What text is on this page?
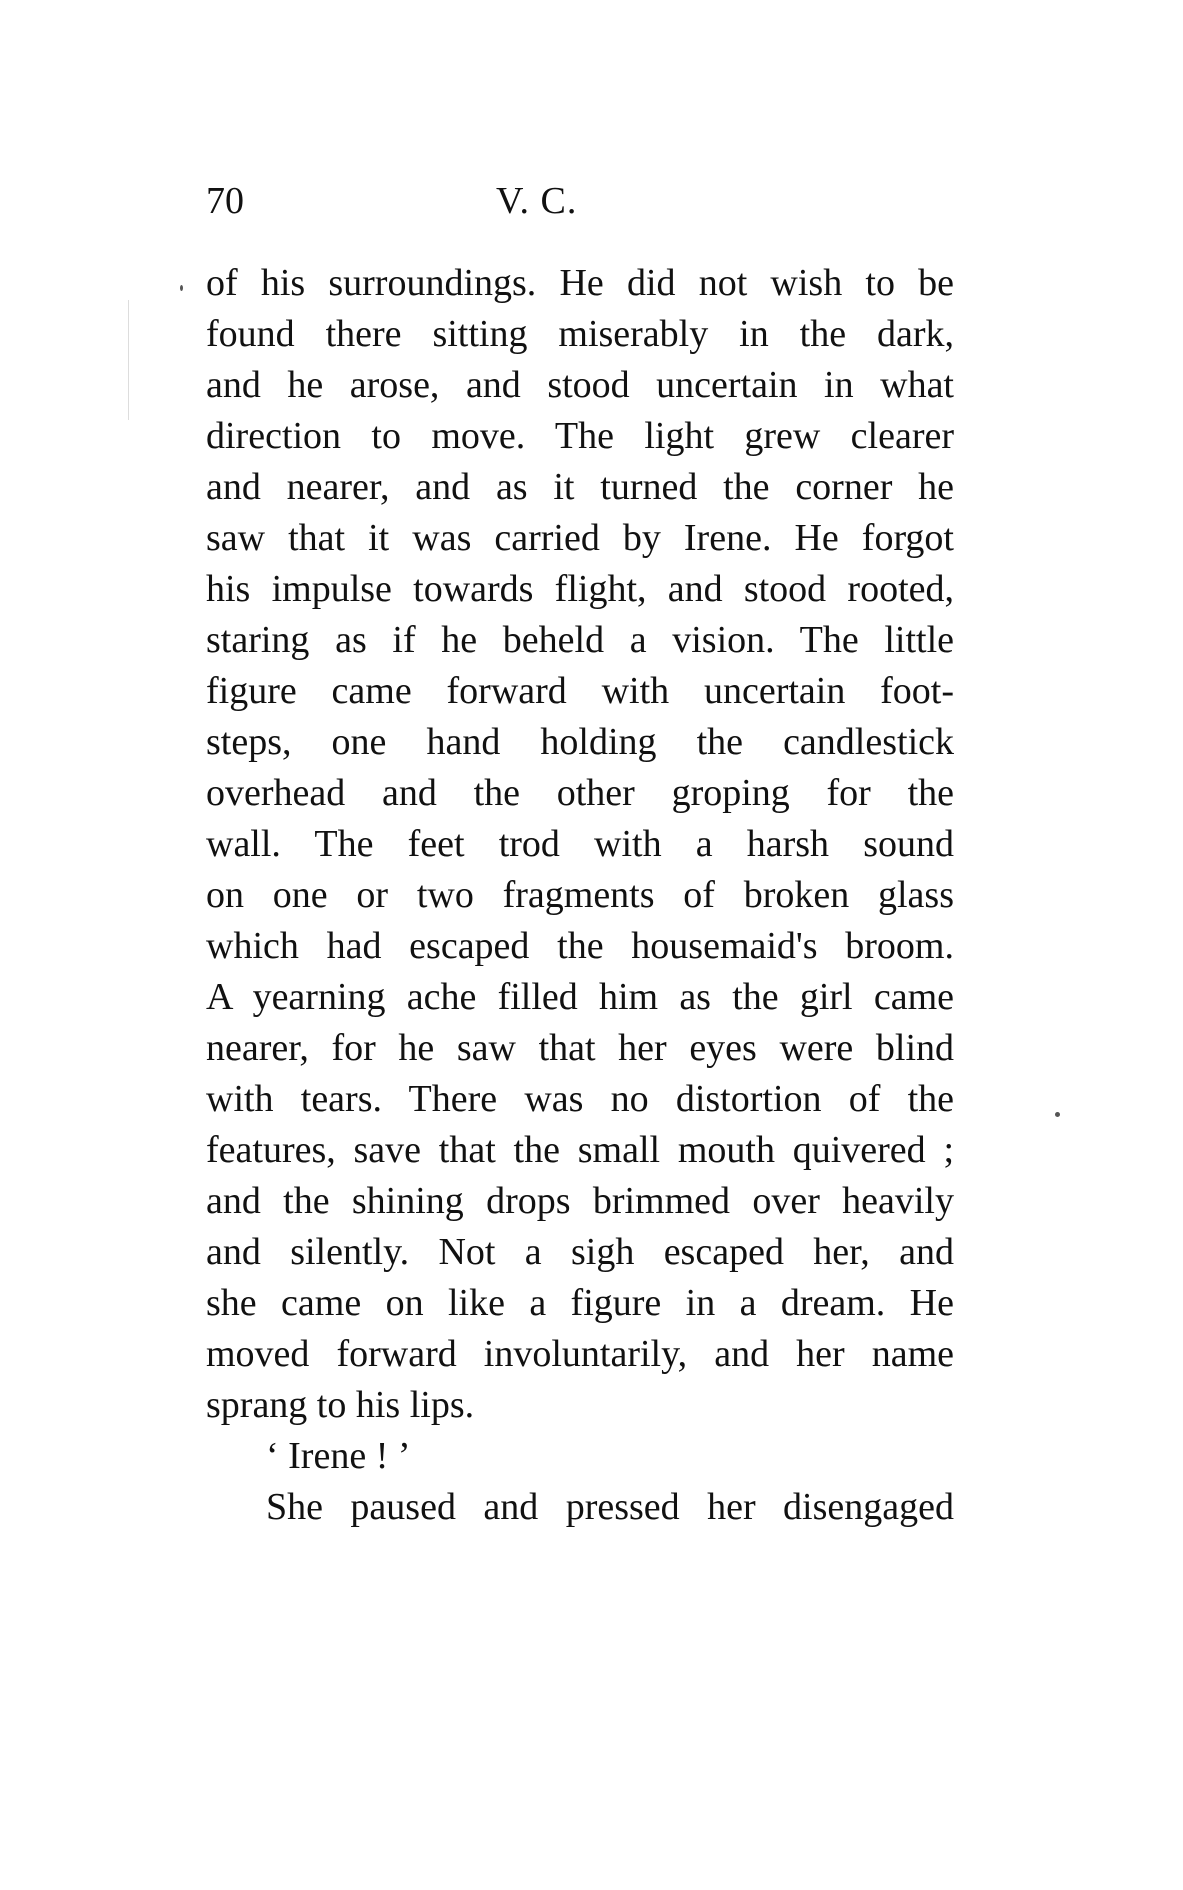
70	V. C.
of his surroundings. He did not wish to be
found there sitting miserably in the dark,
and he arose, and stood uncertain in what
direction to move. The light grew clearer
and nearer, and as it turned the corner he
saw that it was carried by Irene. He forgot
his impulse towards flight, and stood rooted,
staring as if he beheld a vision. The little
figure came forward with uncertain foot-
steps, one hand holding the candlestick
overhead and the other groping for the
wall. The feet trod with a harsh sound
on one or two fragments of broken glass
which had escaped the housemaid's broom.
A yearning ache filled him as the girl came
nearer, for he saw that her eyes were blind
with tears. There was no distortion of the
features, save that the small mouth quivered ;
and the shining drops brimmed over heavily
and silently. Not a sigh escaped her, and
she came on like a figure in a dream. He
moved forward involuntarily, and her name
sprang to his lips.
‘ Irene ! ’
She paused and pressed her disengaged
